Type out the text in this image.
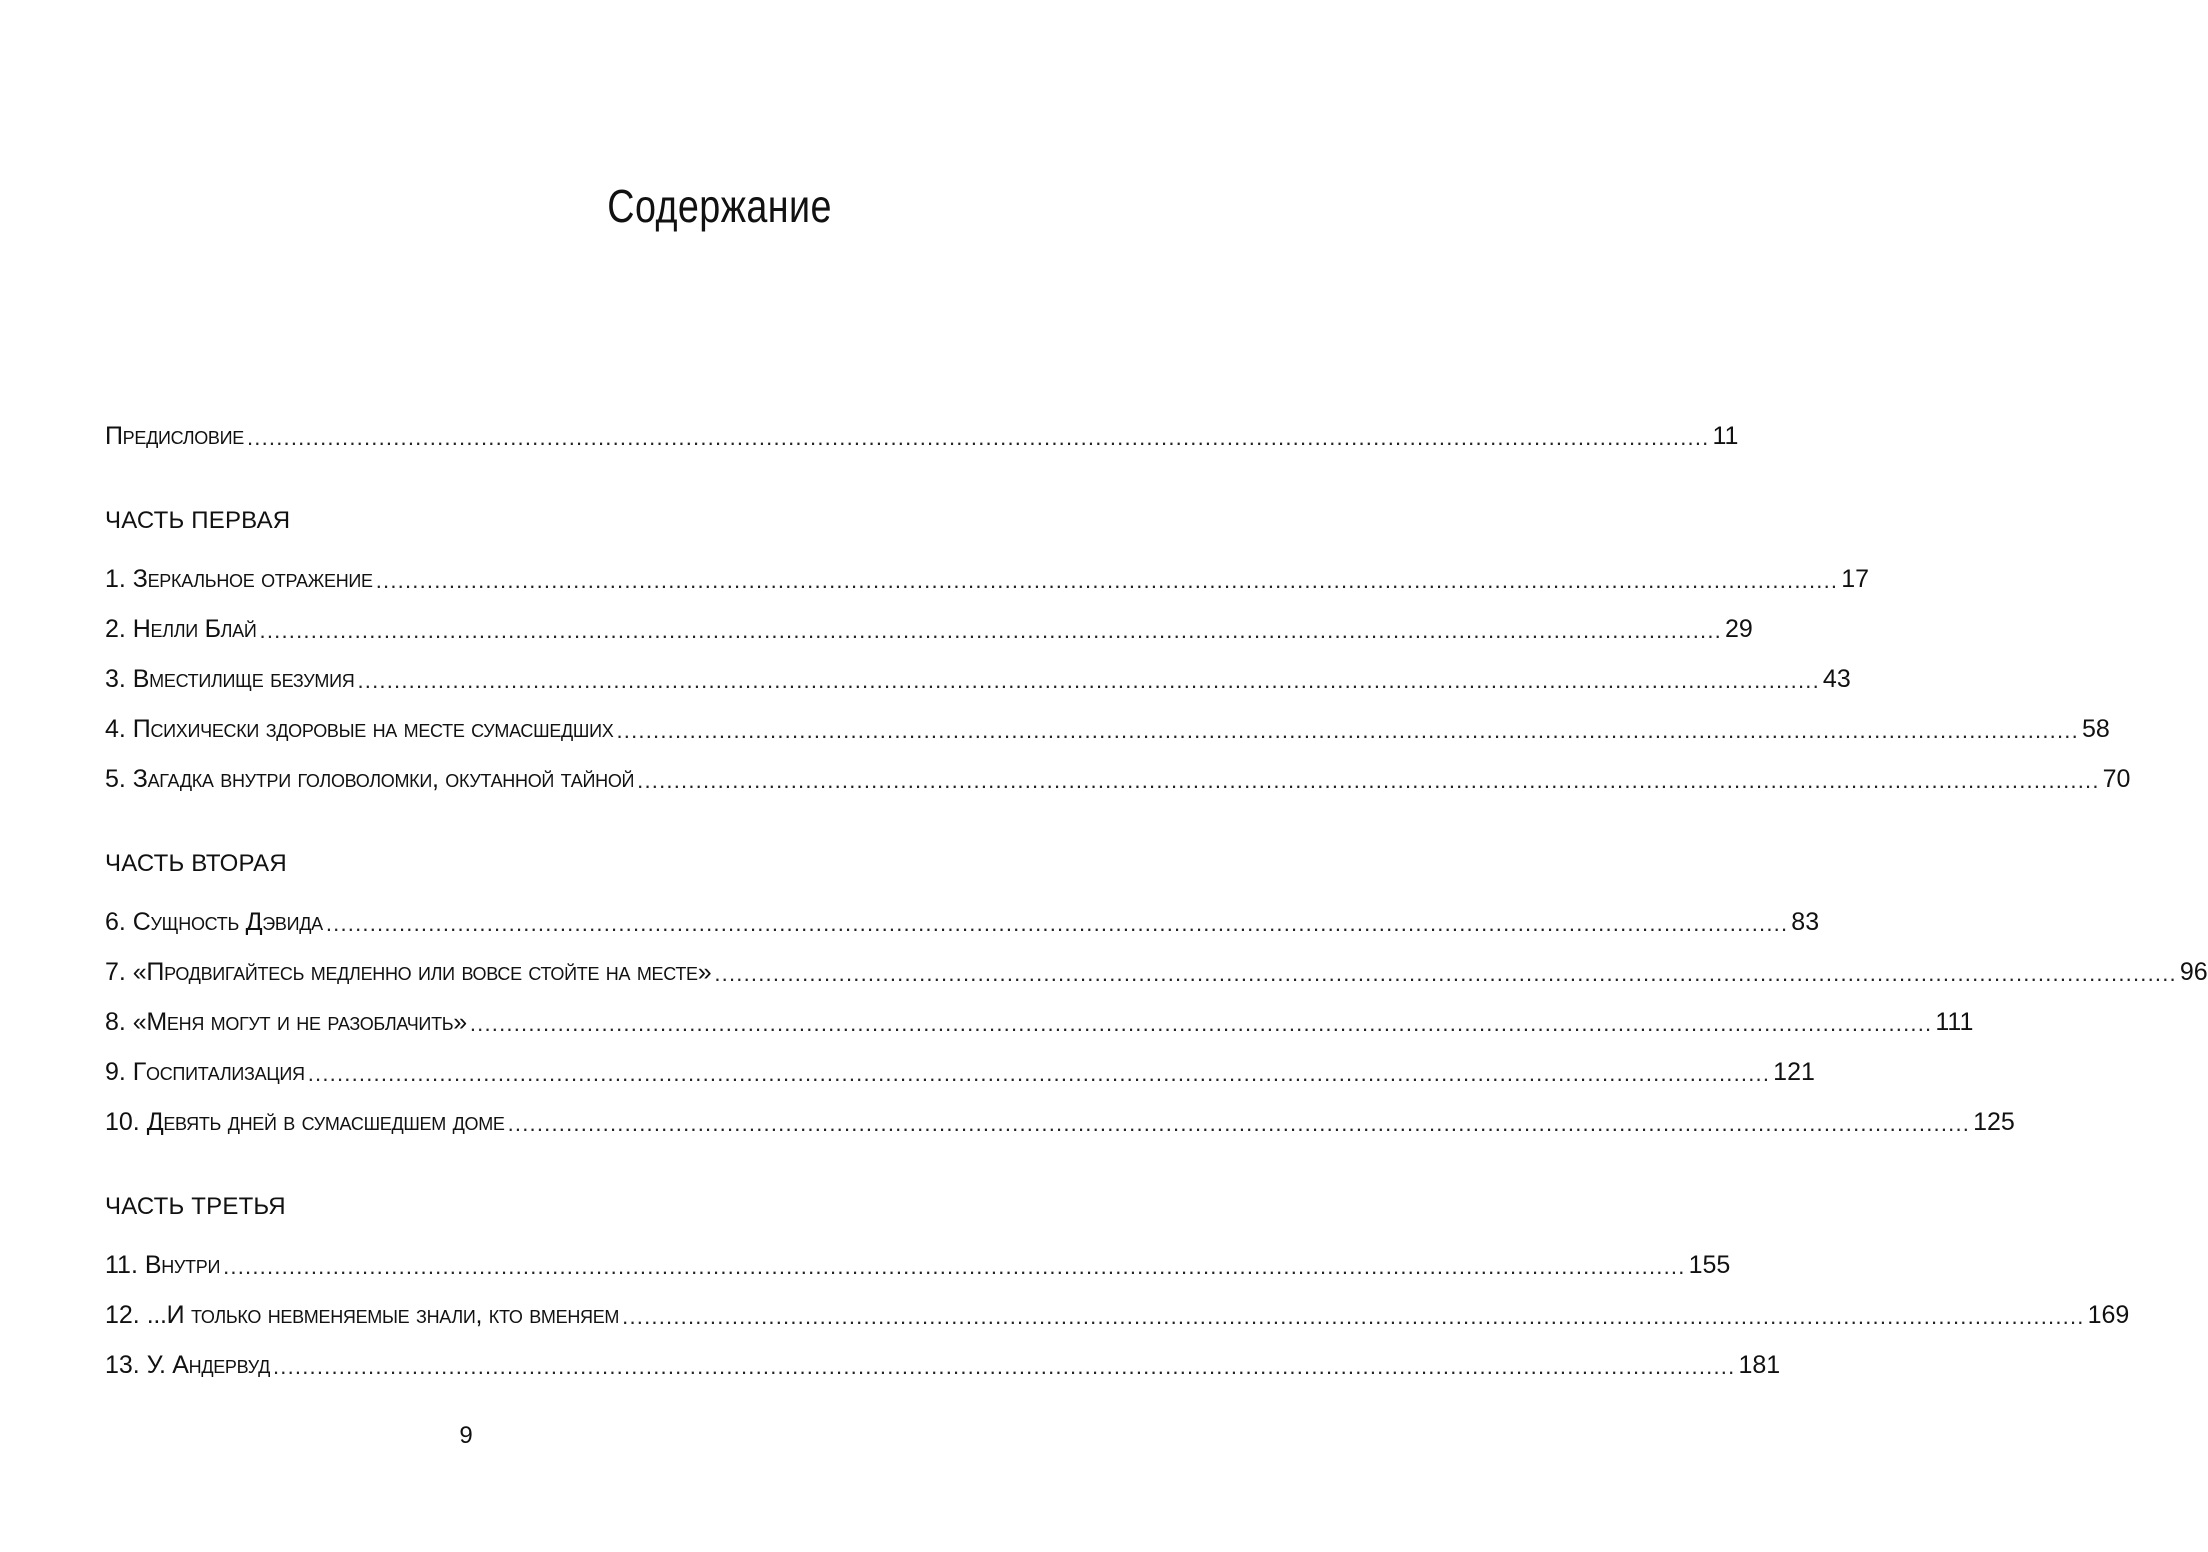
Содержание
Предисловие ........................................................................................................................................................................................................ 11
ЧАСТЬ ПЕРВАЯ
1. Зеркальное отражение ........................................................................................................................................................................................................ 17
2. Нелли Блай ........................................................................................................................................................................................................ 29
3. Вместилище безумия ........................................................................................................................................................................................................ 43
4. Психически здоровые на месте сумасшедших ........................................................................................................................................................................................................ 58
5. Загадка внутри головоломки, окутанной тайной ........................................................................................................................................................................................................ 70
ЧАСТЬ ВТОРАЯ
6. Сущность Дэвида ........................................................................................................................................................................................................ 83
7. «Продвигайтесь медленно или вовсе стойте на месте» ........................................................................................................................................................................................................ 96
8. «Меня могут и не разоблачить» ........................................................................................................................................................................................................ 111
9. Госпитализация ........................................................................................................................................................................................................ 121
10. Девять дней в сумасшедшем доме ........................................................................................................................................................................................................ 125
ЧАСТЬ ТРЕТЬЯ
11. Внутри ........................................................................................................................................................................................................ 155
12. ...И только невменяемые знали, кто вменяем ........................................................................................................................................................................................................ 169
13. У. Андервуд ........................................................................................................................................................................................................ 181
9
